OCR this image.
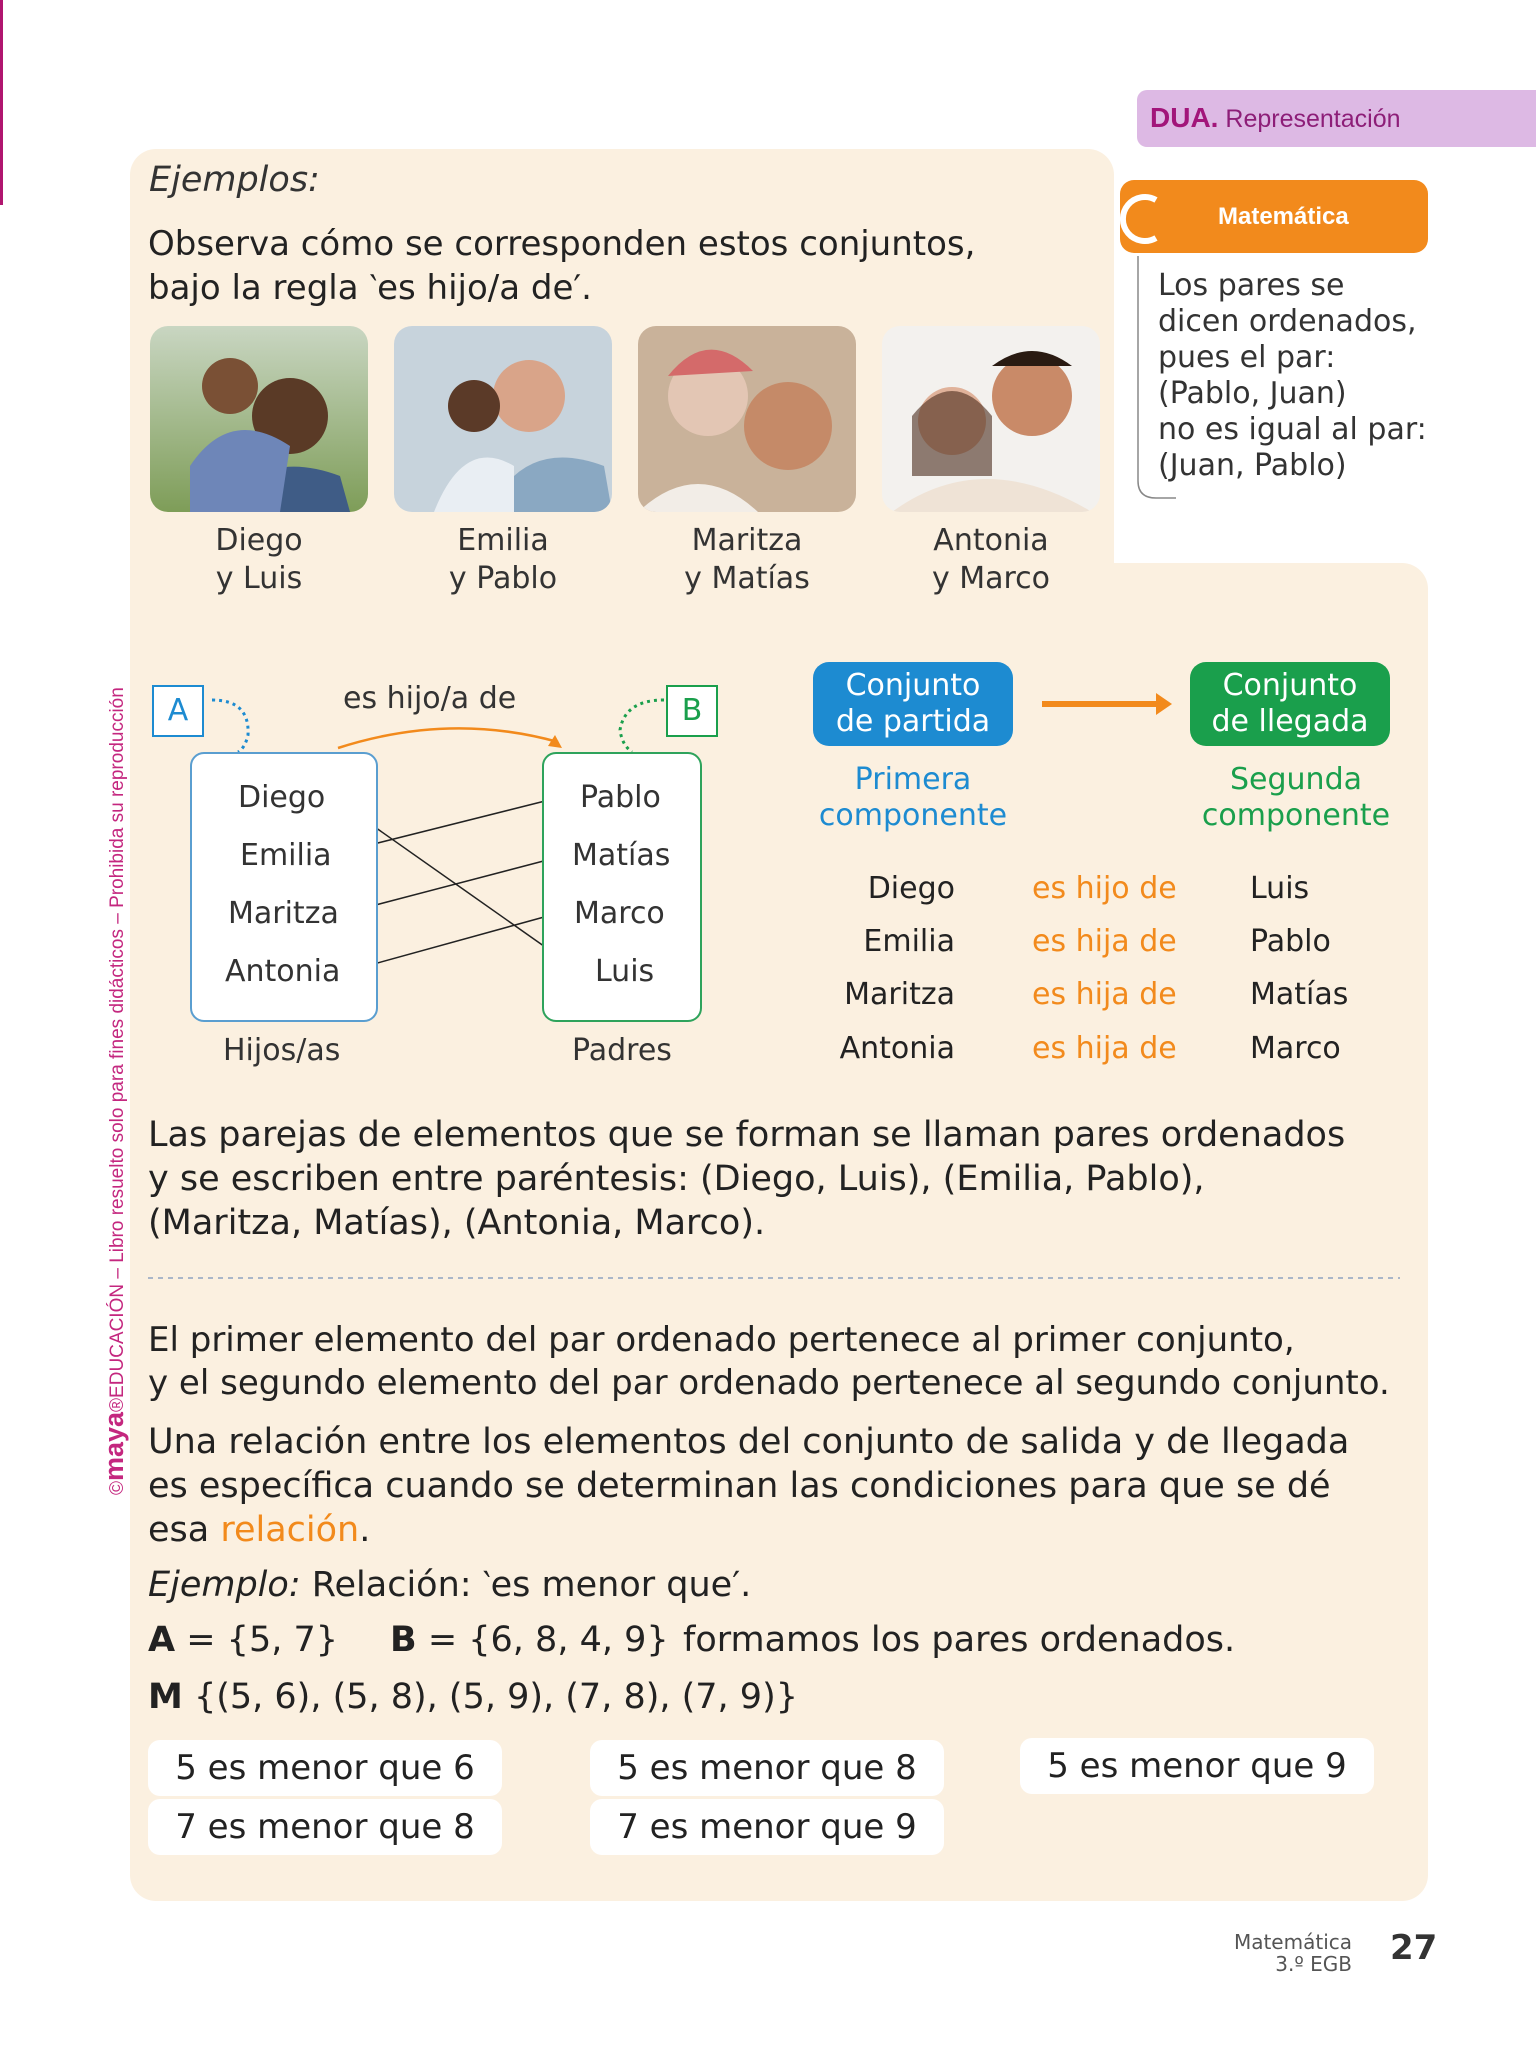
©maya®EDUCACIÓN – Libro resuelto solo para fines didácticos – Prohibida su reproducción
DUA. Representación
Ejemplos:
Observa cómo se corresponden estos conjuntos,
bajo la regla ‵es hijo/a de′.
Diego
y Luis
Emilia
y Pablo
Maritza
y Matías
Antonia
y Marco
Matemática
Los pares se
dicen ordenados,
pues el par:
(Pablo, Juan)
no es igual al par:
(Juan, Pablo)
A	B
es hijo/a de
Diego
Emilia
Maritza
Antonia
Pablo
Matías
Marco
Luis
Hijos/as	Padres
Conjunto
de partida
Conjunto
de llegada
Primera
componente
Segunda
componente
Diego	es hijo de Luis
Emilia	es hija de Pablo
Maritza	es hija de Matías
Antonia	es hija de Marco
Las parejas de elementos que se forman se llaman pares ordenados
y se escriben entre paréntesis: (Diego, Luis), (Emilia, Pablo),
(Maritza, Matías), (Antonia, Marco).
El primer elemento del par ordenado pertenece al primer conjunto,
y el segundo elemento del par ordenado pertenece al segundo conjunto.
Una relación entre los elementos del conjunto de salida y de llegada
es específica cuando se determinan las condiciones para que se dé
esa relación.
Ejemplo: Relación: ‵es menor que′.
A = {5, 7} B = {6, 8, 4, 9} formamos los pares ordenados.
M {(5, 6), (5, 8), (5, 9), (7, 8), (7, 9)}
5 es menor que 6	5 es menor que 8	5 es menor que 9
7 es menor que 8	7 es menor que 9
Matemática
3.º EGB 27
